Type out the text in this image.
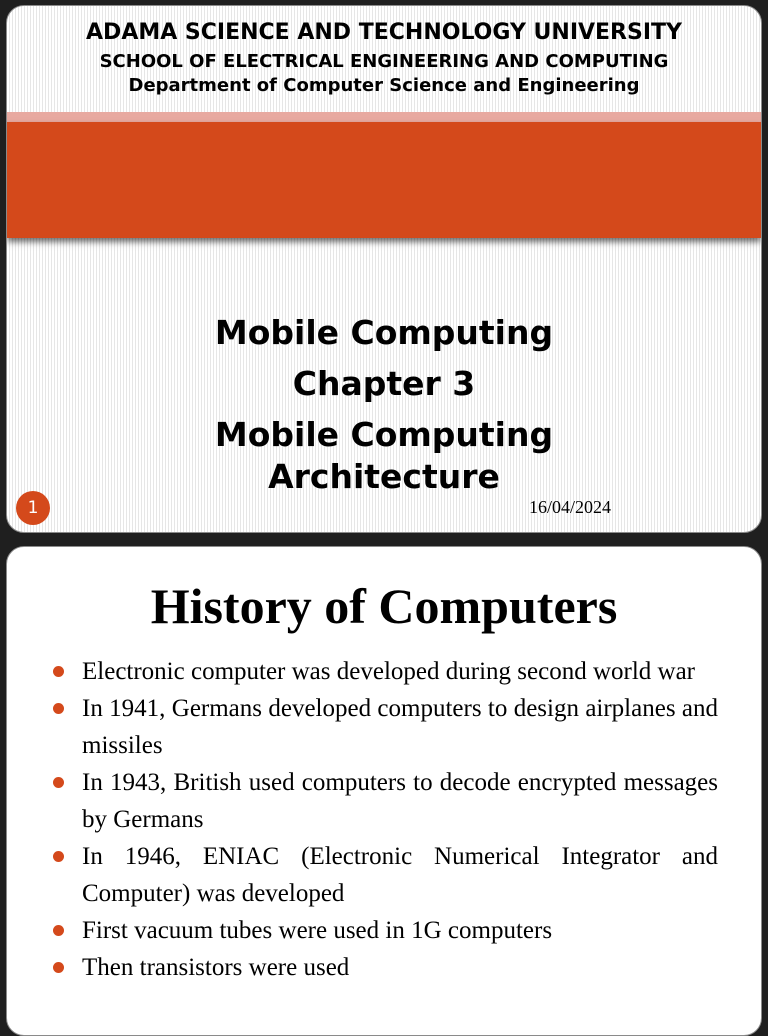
ADAMA SCIENCE AND TECHNOLOGY UNIVERSITY
SCHOOL OF ELECTRICAL ENGINEERING AND COMPUTING
Department of Computer Science and Engineering
Mobile Computing
Chapter 3
Mobile Computing
Architecture
1	16/04/2024
History of Computers
Electronic computer was developed during second world war
In 1941, Germans developed computers to design airplanes and missiles
In 1943, British used computers to decode encrypted messages by Germans
In 1946, ENIAC (Electronic Numerical Integrator and Computer) was developed
First vacuum tubes were used in 1G computers
Then transistors were used
